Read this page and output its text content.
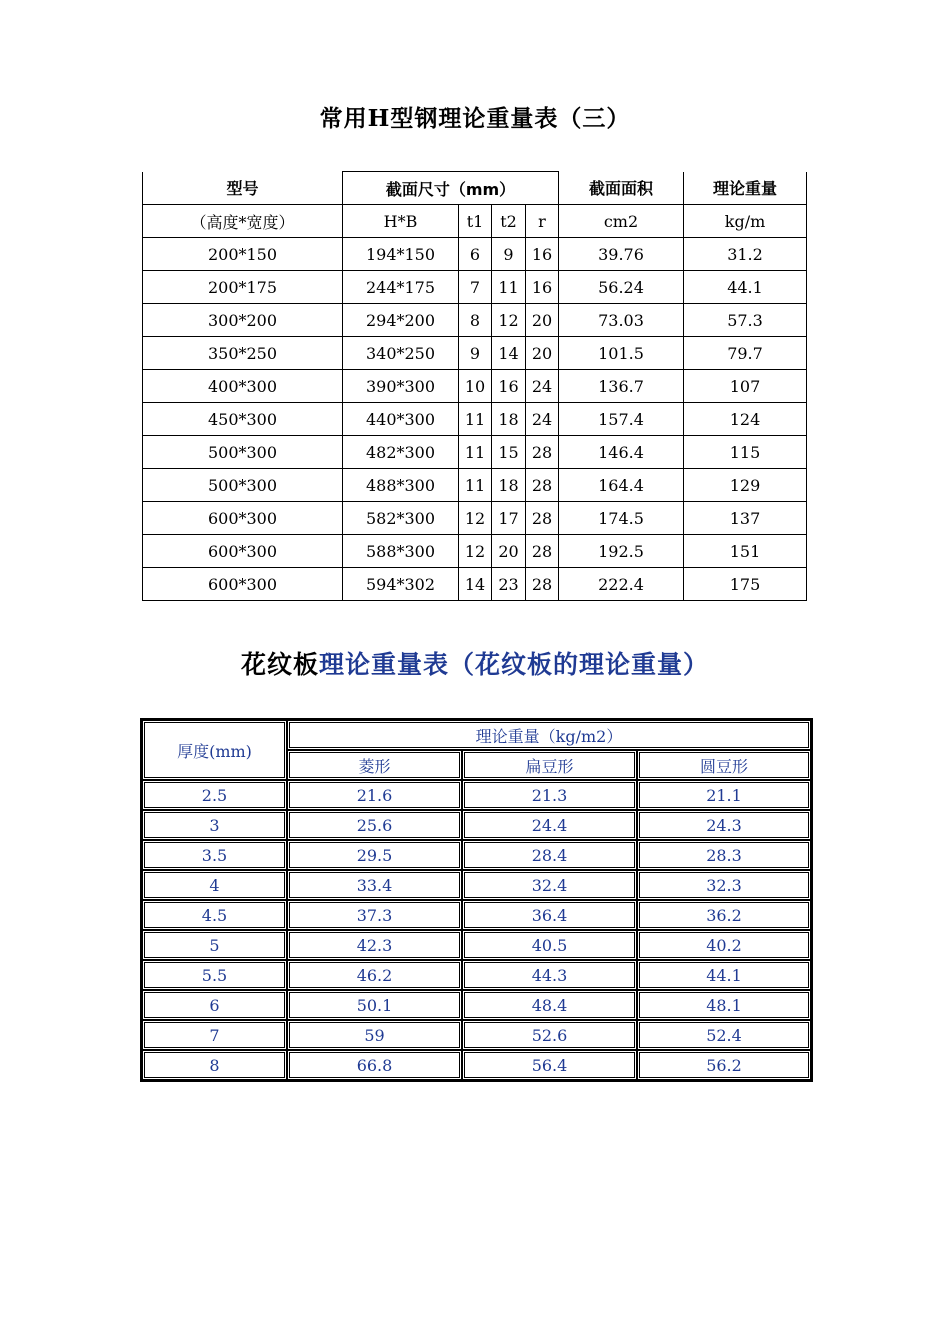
常用H型钢理论重量表（三）
型号	截面尺寸（mm）				截面面积	理论重量
（高度*宽度）	H*B	t1	t2	r	cm2	kg/m
200*150	194*150	6	9	16	39.76	31.2
200*175	244*175	7	11	16	56.24	44.1
300*200	294*200	8	12	20	73.03	57.3
350*250	340*250	9	14	20	101.5	79.7
400*300	390*300	10	16	24	136.7	107
450*300	440*300	11	18	24	157.4	124
500*300	482*300	11	15	28	146.4	115
500*300	488*300	11	18	28	164.4	129
600*300	582*300	12	17	28	174.5	137
600*300	588*300	12	20	28	192.5	151
600*300	594*302	14	23	28	222.4	175
花纹板理论重量表（花纹板的理论重量）
厚度(mm)	理论重量（kg/m2）		
	菱形	扁豆形	圆豆形
2.5	21.6	21.3	21.1
3	25.6	24.4	24.3
3.5	29.5	28.4	28.3
4	33.4	32.4	32.3
4.5	37.3	36.4	36.2
5	42.3	40.5	40.2
5.5	46.2	44.3	44.1
6	50.1	48.4	48.1
7	59	52.6	52.4
8	66.8	56.4	56.2
